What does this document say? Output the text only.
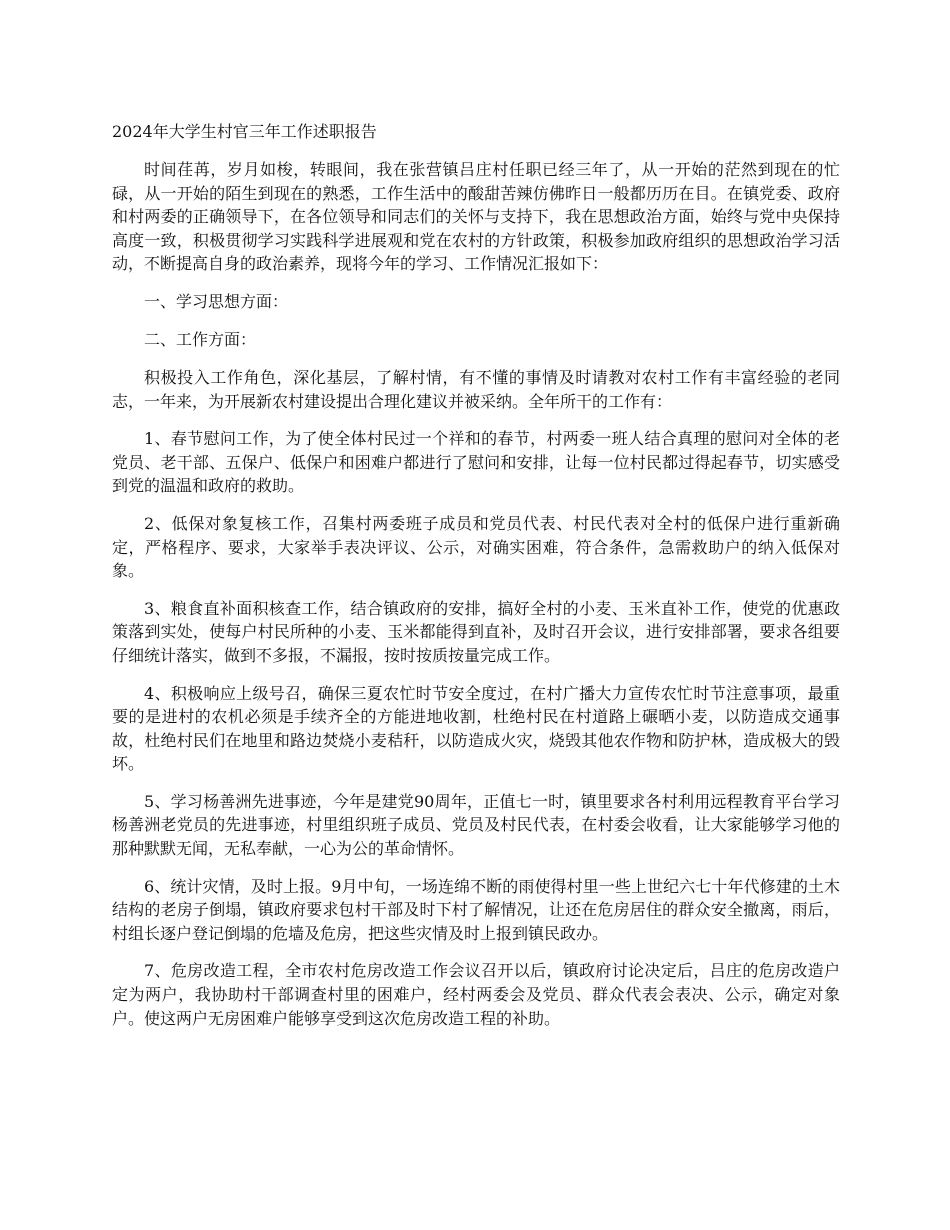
2024年大学生村官三年工作述职报告

时间荏苒，岁月如梭，转眼间，我在张营镇吕庄村任职已经三年了，从一开始的茫然到现在的忙碌，从一开始的陌生到现在的熟悉，工作生活中的酸甜苦辣仿佛昨日一般都历历在目。在镇党委、政府和村两委的正确领导下，在各位领导和同志们的关怀与支持下，我在思想政治方面，始终与党中央保持高度一致，积极贯彻学习实践科学进展观和党在农村的方针政策，积极参加政府组织的思想政治学习活动，不断提高自身的政治素养，现将今年的学习、工作情况汇报如下：

一、学习思想方面：

二、工作方面：

积极投入工作角色，深化基层，了解村情，有不懂的事情及时请教对农村工作有丰富经验的老同志，一年来，为开展新农村建设提出合理化建议并被采纳。全年所干的工作有：

1、春节慰问工作，为了使全体村民过一个祥和的春节，村两委一班人结合真理的慰问对全体的老党员、老干部、五保户、低保户和困难户都进行了慰问和安排，让每一位村民都过得起春节，切实感受到党的温温和政府的救助。

2、低保对象复核工作，召集村两委班子成员和党员代表、村民代表对全村的低保户进行重新确定，严格程序、要求，大家举手表决评议、公示，对确实困难，符合条件，急需救助户的纳入低保对象。

3、粮食直补面积核查工作，结合镇政府的安排，搞好全村的小麦、玉米直补工作，使党的优惠政策落到实处，使每户村民所种的小麦、玉米都能得到直补，及时召开会议，进行安排部署，要求各组要仔细统计落实，做到不多报，不漏报，按时按质按量完成工作。

4、积极响应上级号召，确保三夏农忙时节安全度过，在村广播大力宣传农忙时节注意事项，最重要的是进村的农机必须是手续齐全的方能进地收割，杜绝村民在村道路上碾晒小麦，以防造成交通事故，杜绝村民们在地里和路边焚烧小麦秸秆，以防造成火灾，烧毁其他农作物和防护林，造成极大的毁坏。

5、学习杨善洲先进事迹，今年是建党90周年，正值七一时，镇里要求各村利用远程教育平台学习杨善洲老党员的先进事迹，村里组织班子成员、党员及村民代表，在村委会收看，让大家能够学习他的那种默默无闻，无私奉献，一心为公的革命情怀。

6、统计灾情，及时上报。9月中旬，一场连绵不断的雨使得村里一些上世纪六七十年代修建的土木结构的老房子倒塌，镇政府要求包村干部及时下村了解情况，让还在危房居住的群众安全撤离，雨后，村组长逐户登记倒塌的危墙及危房，把这些灾情及时上报到镇民政办。

7、危房改造工程，全市农村危房改造工作会议召开以后，镇政府讨论决定后，吕庄的危房改造户定为两户，我协助村干部调查村里的困难户，经村两委会及党员、群众代表会表决、公示，确定对象户。使这两户无房困难户能够享受到这次危房改造工程的补助。
